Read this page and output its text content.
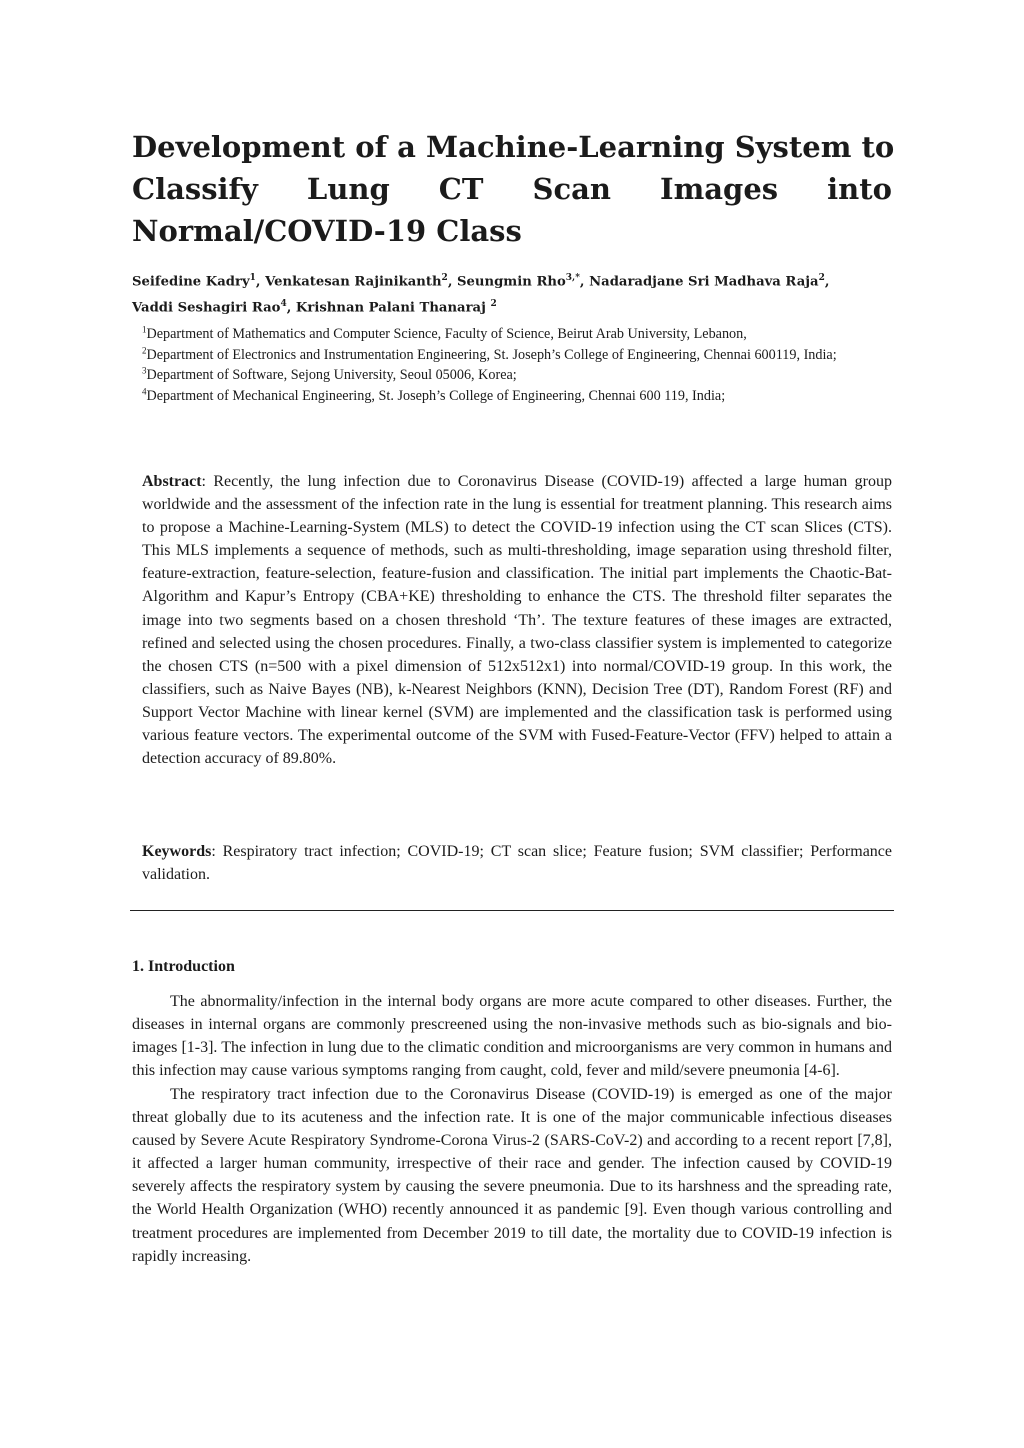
Development of a Machine-Learning System to
Classify Lung CT Scan Images into
Normal/COVID-19 Class
Seifedine Kadry$^1$, Venkatesan Rajinikanth$^2$, Seungmin Rho$^{3,*}$, Nadaradjane Sri Madhava Raja$^2$,
Vaddi Seshagiri Rao$^4$, Krishnan Palani Thanaraj $^2$
$^1$Department of Mathematics and Computer Science, Faculty of Science, Beirut Arab University, Lebanon,
$^2$Department of Electronics and Instrumentation Engineering, St. Joseph’s College of Engineering, Chennai 600119, India;
$^3$Department of Software, Sejong University, Seoul 05006, Korea;
$^4$Department of Mechanical Engineering, St. Joseph’s College of Engineering, Chennai 600 119, India;

Abstract: Recently, the lung infection due to Coronavirus Disease (COVID-19) affected a large human group worldwide and the assessment of the infection rate in the lung is essential for treatment planning. This research aims to propose a Machine-Learning-System (MLS) to detect the COVID-19 infection using the CT scan Slices (CTS). This MLS implements a sequence of methods, such as multi-thresholding, image separation using threshold filter, feature-extraction, feature-selection, feature-fusion and classification. The initial part implements the Chaotic-Bat-Algorithm and Kapur’s Entropy (CBA+KE) thresholding to enhance the CTS. The threshold filter separates the image into two segments based on a chosen threshold ‘Th’. The texture features of these images are extracted, refined and selected using the chosen procedures. Finally, a two-class classifier system is implemented to categorize the chosen CTS (n=500 with a pixel dimension of 512x512x1) into normal/COVID-19 group. In this work, the classifiers, such as Naive Bayes (NB), k-Nearest Neighbors (KNN), Decision Tree (DT), Random Forest (RF) and Support Vector Machine with linear kernel (SVM) are implemented and the classification task is performed using various feature vectors. The experimental outcome of the SVM with Fused-Feature-Vector (FFV) helped to attain a detection accuracy of 89.80%.

Keywords: Respiratory tract infection; COVID-19; CT scan slice; Feature fusion; SVM classifier; Performance validation.

1. Introduction

The abnormality/infection in the internal body organs are more acute compared to other diseases. Further, the diseases in internal organs are commonly prescreened using the non-invasive methods such as bio-signals and bio-images [1-3]. The infection in lung due to the climatic condition and microorganisms are very common in humans and this infection may cause various symptoms ranging from caught, cold, fever and mild/severe pneumonia [4-6].

The respiratory tract infection due to the Coronavirus Disease (COVID-19) is emerged as one of the major threat globally due to its acuteness and the infection rate. It is one of the major communicable infectious diseases caused by Severe Acute Respiratory Syndrome-Corona Virus-2 (SARS-CoV-2) and according to a recent report [7,8], it affected a larger human community, irrespective of their race and gender. The infection caused by COVID-19 severely affects the respiratory system by causing the severe pneumonia. Due to its harshness and the spreading rate, the World Health Organization (WHO) recently announced it as pandemic [9]. Even though various controlling and treatment procedures are implemented from December 2019 to till date, the mortality due to COVID-19 infection is rapidly increasing.
